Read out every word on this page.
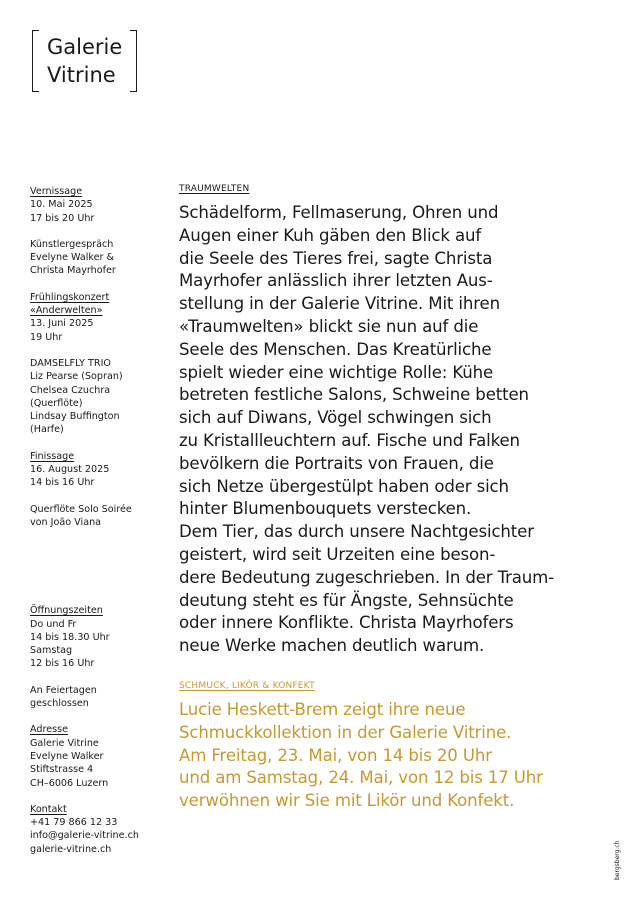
Galerie
Vitrine
Vernissage
10. Mai 2025
17 bis 20 Uhr
Künstlergespräch
Evelyne Walker &
Christa Mayrhofer
Frühlingskonzert
«Anderwelten»
13. Juni 2025
19 Uhr
DAMSELFLY TRIO
Liz Pearse (Sopran)
Chelsea Czuchra
(Querflöte)
Lindsay Buffington
(Harfe)
Finissage
16. August 2025
14 bis 16 Uhr
Querflöte Solo Soirée
von João Viana
Öffnungszeiten
Do und Fr
14 bis 18.30 Uhr
Samstag
12 bis 16 Uhr
An Feiertagen
geschlossen
Adresse
Galerie Vitrine
Evelyne Walker
Stiftstrasse 4
CH–6006 Luzern
Kontakt
+41 79 866 12 33
info@galerie-vitrine.ch
galerie-vitrine.ch
TRAUMWELTEN
Schädelform, Fellmaserung, Ohren und
Augen einer Kuh gäben den Blick auf
die Seele des Tieres frei, sagte Christa
Mayrhofer anlässlich ihrer letzten Aus-
stellung in der Galerie Vitrine. Mit ihren
«Traumwelten» blickt sie nun auf die
Seele des Menschen. Das Kreatürliche
spielt wieder eine wichtige Rolle: Kühe
betreten festliche Salons, Schweine betten
sich auf Diwans, Vögel schwingen sich
zu Kristallleuchtern auf. Fische und Falken
bevölkern die Portraits von Frauen, die
sich Netze übergestülpt haben oder sich
hinter Blumenbouquets verstecken.
Dem Tier, das durch unsere Nachtgesichter
geistert, wird seit Urzeiten eine beson-
dere Bedeutung zugeschrieben. In der Traum-
deutung steht es für Ängste, Sehnsüchte
oder innere Konflikte. Christa Mayrhofers
neue Werke machen deutlich warum.
SCHMUCK, LIKÖR & KONFEKT
Lucie Heskett-Brem zeigt ihre neue
Schmuckkollektion in der Galerie Vitrine.
Am Freitag, 23. Mai, von 14 bis 20 Uhr
und am Samstag, 24. Mai, von 12 bis 17 Uhr
verwöhnen wir Sie mit Likör und Konfekt.
bergsberg.ch
